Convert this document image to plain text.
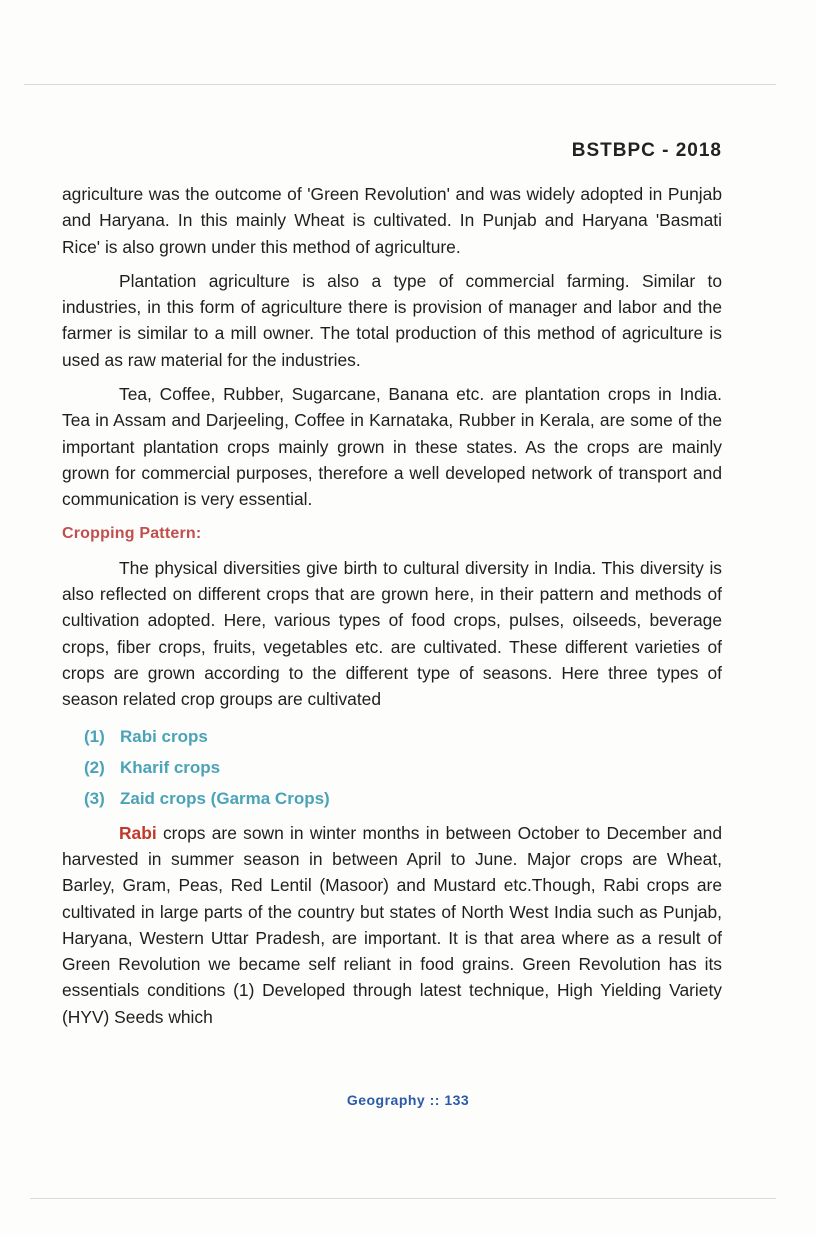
BSTBPC - 2018

agriculture was the outcome of 'Green Revolution' and was widely adopted in Punjab and Haryana. In this mainly Wheat is cultivated. In Punjab and Haryana 'Basmati Rice' is also grown under this method of agriculture.

Plantation agriculture is also a type of commercial farming. Similar to industries, in this form of agriculture there is provision of manager and labor and the farmer is similar to a mill owner. The total production of this method of agriculture is used as raw material for the industries.

Tea, Coffee, Rubber, Sugarcane, Banana etc. are plantation crops in India. Tea in Assam and Darjeeling, Coffee in Karnataka, Rubber in Kerala, are some of the important plantation crops mainly grown in these states. As the crops are mainly grown for commercial purposes, therefore a well developed network of transport and communication is very essential.

Cropping Pattern:

The physical diversities give birth to cultural diversity in India. This diversity is also reflected on different crops that are grown here, in their pattern and methods of cultivation adopted. Here, various types of food crops, pulses, oilseeds, beverage crops, fiber crops, fruits, vegetables etc. are cultivated. These different varieties of crops are grown according to the different type of seasons. Here three types of season related crop groups are cultivated

(1) Rabi crops
(2) Kharif crops
(3) Zaid crops (Garma Crops)

Rabi crops are sown in winter months in between October to December and harvested in summer season in between April to June. Major crops are Wheat, Barley, Gram, Peas, Red Lentil (Masoor) and Mustard etc.Though, Rabi crops are cultivated in large parts of the country but states of North West India such as Punjab, Haryana, Western Uttar Pradesh, are important. It is that area where as a result of Green Revolution we became self reliant in food grains. Green Revolution has its essentials conditions (1) Developed through latest technique, High Yielding Variety (HYV) Seeds which

Geography :: 133
